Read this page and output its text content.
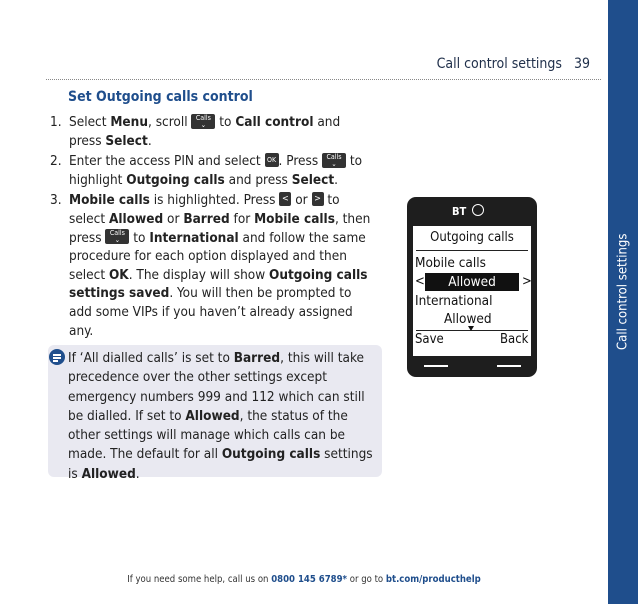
Call control settings
Call control settings 39
Set Outgoing calls control
1. Select Menu, scroll Calls
⌄ to Call control and press Select.
2. Enter the access PIN and select OK . Press Calls
⌄ to highlight Outgoing calls and press Select.
3. Mobile calls is highlighted. Press < or > to select Allowed or Barred for Mobile calls, then press Calls
⌄ to International and follow the same procedure for each option displayed and then select OK. The display will show Outgoing calls settings saved. You will then be prompted to add some VIPs if you haven’t already assigned any.
If ‘All dialled calls’ is set to Barred, this will take precedence over the other settings except emergency numbers 999 and 112 which can still be dialled. If set to Allowed, the status of the other settings will manage which calls can be made. The default for all Outgoing calls settings is Allowed.
BT
Outgoing calls
Mobile calls
<	Allowed	>
International
Allowed
Save	Back
If you need some help, call us on 0800 145 6789* or go to bt.com/producthelp
